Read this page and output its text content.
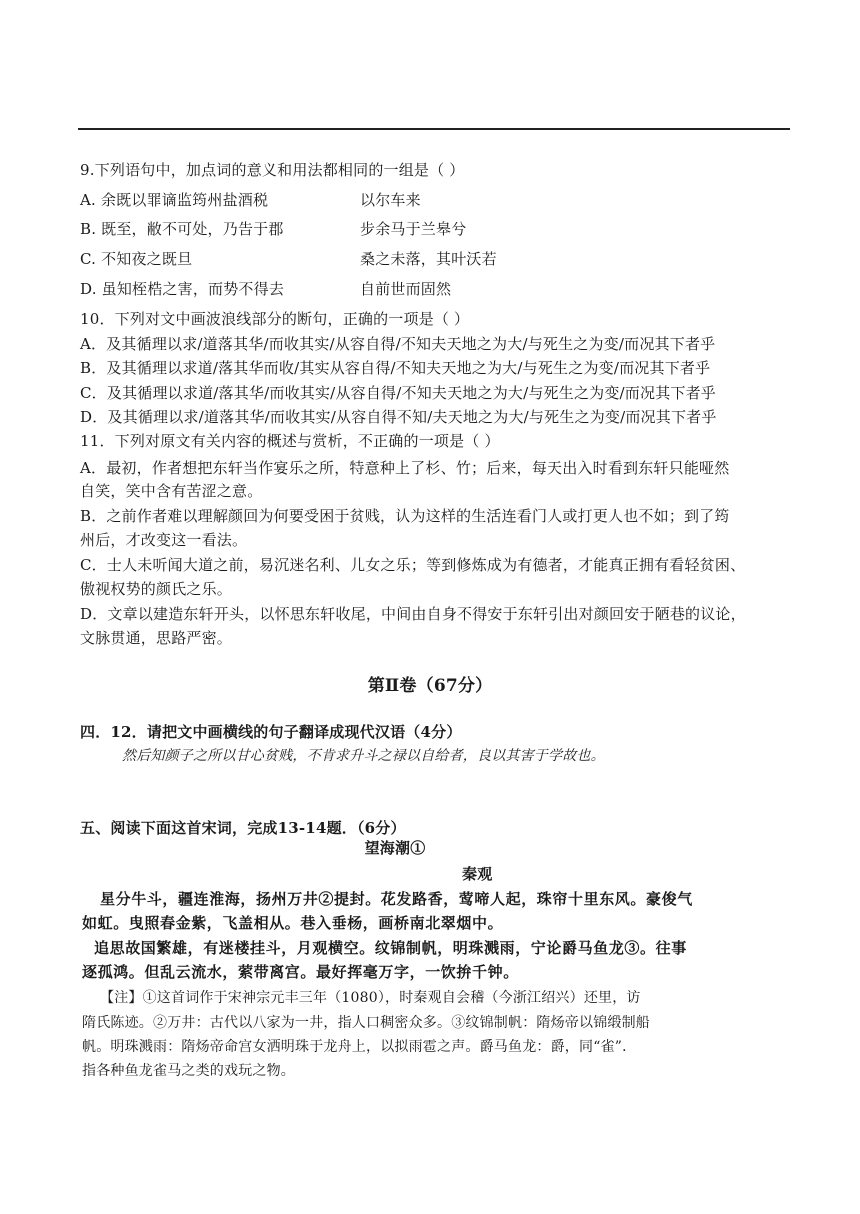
9.下列语句中，加点词的意义和用法都相同的一组是（ ）
A. 余既以罪谪监筠州盐酒税	以尔车来
B. 既至，敝不可处，乃告于郡	步余马于兰皋兮
C. 不知夜之既旦	桑之未落，其叶沃若
D. 虽知桎梏之害，而势不得去	自前世而固然
10．下列对文中画波浪线部分的断句，正确的一项是（ ）
A．及其循理以求/道落其华/而收其实/从容自得/不知夫天地之为大/与死生之为变/而况其下者乎
B．及其循理以求道/落其华而收/其实从容自得/不知夫天地之为大/与死生之为变/而况其下者乎
C．及其循理以求道/落其华/而收其实/从容自得/不知夫天地之为大/与死生之为变/而况其下者乎
D．及其循理以求/道落其华/而收其实/从容自得不知/夫天地之为大/与死生之为变/而况其下者乎
11．下列对原文有关内容的概述与赏析，不正确的一项是（ ）
A．最初，作者想把东轩当作宴乐之所，特意种上了杉、竹；后来，每天出入时看到东轩只能哑然
自笑，笑中含有苦涩之意。
B．之前作者难以理解颜回为何要受困于贫贱，认为这样的生活连看门人或打更人也不如；到了筠
州后，才改变这一看法。
C．士人未听闻大道之前，易沉迷名利、儿女之乐；等到修炼成为有德者，才能真正拥有看轻贫困、
傲视权势的颜氏之乐。
D．文章以建造东轩开头，以怀思东轩收尾，中间由自身不得安于东轩引出对颜回安于陋巷的议论，
文脉贯通，思路严密。
第Ⅱ卷（67分）
四．12．请把文中画横线的句子翻译成现代汉语（4分）
然后知颜子之所以甘心贫贱，不肯求升斗之禄以自给者，良以其害于学故也。
五、阅读下面这首宋词，完成13-14题．（6分）
望海潮①
秦观
星分牛斗，疆连淮海，扬州万井②提封。花发路香，莺啼人起，珠帘十里东风。豪俊气
如虹。曳照春金紫，飞盖相从。巷入垂杨，画桥南北翠烟中。
追思故国繁雄，有迷楼挂斗，月观横空。纹锦制帆，明珠溅雨，宁论爵马鱼龙③。往事
逐孤鸿。但乱云流水，萦带离宫。最好挥毫万字，一饮拚千钟。
【注】①这首词作于宋神宗元丰三年（1080），时秦观自会稽（今浙江绍兴）还里，访
隋氏陈迹。②万井：古代以八家为一井，指人口稠密众多。③纹锦制帆：隋炀帝以锦缎制船
帆。明珠溅雨：隋炀帝命宫女洒明珠于龙舟上，以拟雨雹之声。爵马鱼龙：爵，同“雀”．
指各种鱼龙雀马之类的戏玩之物。
